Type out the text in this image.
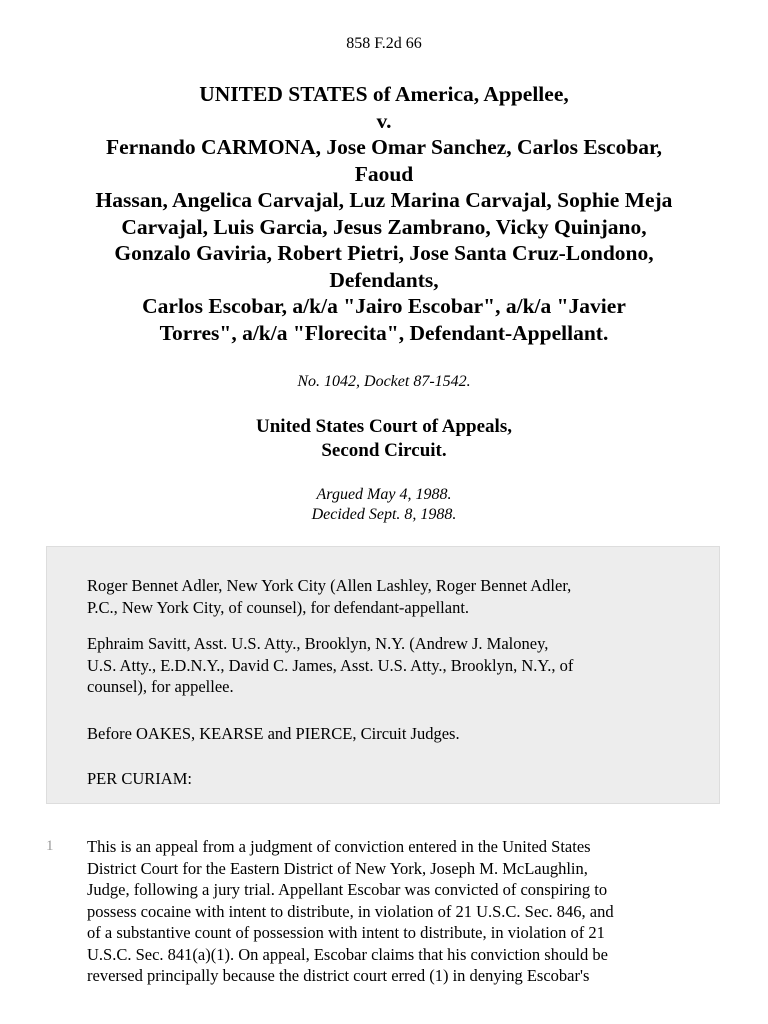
858 F.2d 66
UNITED STATES of America, Appellee,
v.
Fernando CARMONA, Jose Omar Sanchez, Carlos Escobar,
Faoud
Hassan, Angelica Carvajal, Luz Marina Carvajal, Sophie Meja
Carvajal, Luis Garcia, Jesus Zambrano, Vicky Quinjano,
Gonzalo Gaviria, Robert Pietri, Jose Santa Cruz-Londono,
Defendants,
Carlos Escobar, a/k/a "Jairo Escobar", a/k/a "Javier
Torres", a/k/a "Florecita", Defendant-Appellant.
No. 1042, Docket 87-1542.
United States Court of Appeals,
Second Circuit.
Argued May 4, 1988.
Decided Sept. 8, 1988.

Roger Bennet Adler, New York City (Allen Lashley, Roger Bennet Adler,
P.C., New York City, of counsel), for defendant-appellant.

Ephraim Savitt, Asst. U.S. Atty., Brooklyn, N.Y. (Andrew J. Maloney,
U.S. Atty., E.D.N.Y., David C. James, Asst. U.S. Atty., Brooklyn, N.Y., of
counsel), for appellee.

Before OAKES, KEARSE and PIERCE, Circuit Judges.

PER CURIAM:

1 This is an appeal from a judgment of conviction entered in the United States
District Court for the Eastern District of New York, Joseph M. McLaughlin,
Judge, following a jury trial. Appellant Escobar was convicted of conspiring to
possess cocaine with intent to distribute, in violation of 21 U.S.C. Sec. 846, and
of a substantive count of possession with intent to distribute, in violation of 21
U.S.C. Sec. 841(a)(1). On appeal, Escobar claims that his conviction should be
reversed principally because the district court erred (1) in denying Escobar's
